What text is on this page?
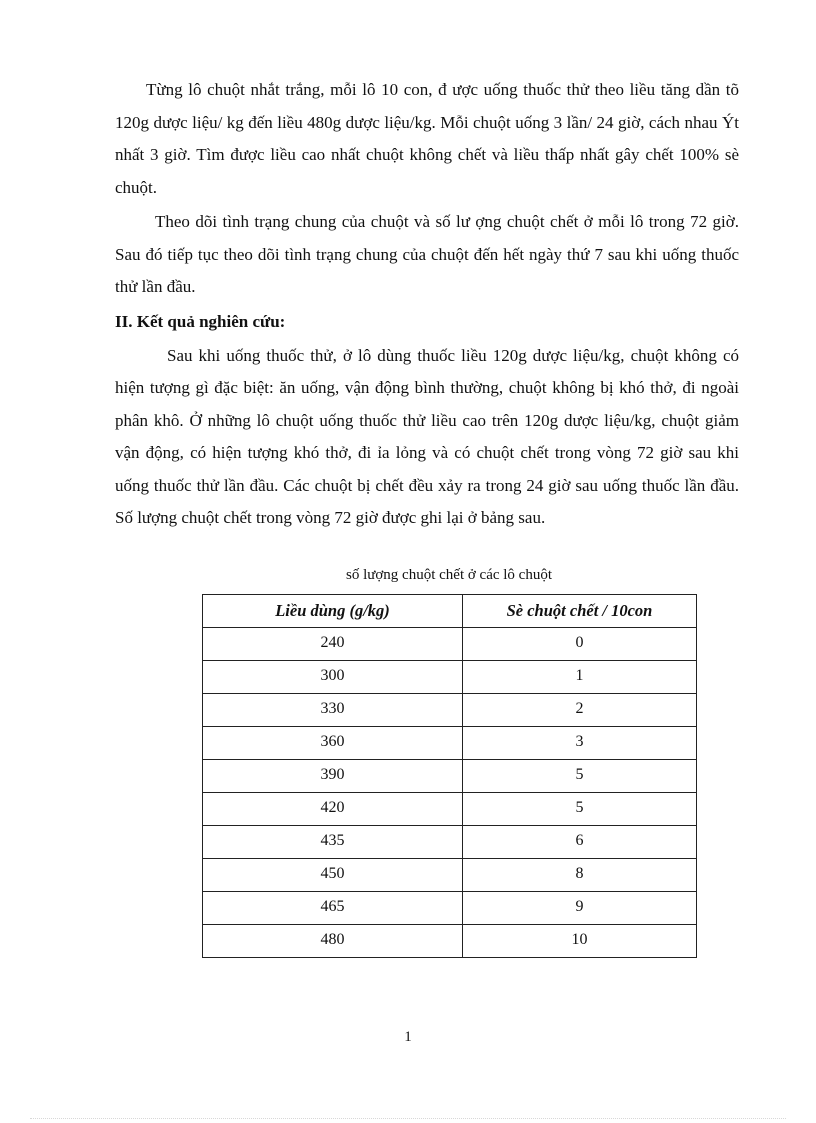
Từng lô chuột nhắt trắng, mỗi lô 10 con, đ ược uống thuốc thử theo liều tăng dần tõ 120g dược liệu/ kg đến liều 480g dược liệu/kg. Mỗi chuột uống 3 lần/ 24 giờ, cách nhau Ýt nhất 3 giờ. Tìm được liều cao nhất chuột không chết và liều thấp nhất gây chết 100% sè chuột.

Theo dõi tình trạng chung của chuột và số lư ợng chuột chết ở mỗi lô trong 72 giờ. Sau đó tiếp tục theo dõi tình trạng chung của chuột đến hết ngày thứ 7 sau khi uống thuốc thử lần đầu.

II. Kết quả nghiên cứu:

Sau khi uống thuốc thử, ở lô dùng thuốc liều 120g dược liệu/kg, chuột không có hiện tượng gì đặc biệt: ăn uống, vận động bình thường, chuột không bị khó thở, đi ngoài phân khô. Ở những lô chuột uống thuốc thử liều cao trên 120g dược liệu/kg, chuột giảm vận động, có hiện tượng khó thở, đi ỉa lỏng và có chuột chết trong vòng 72 giờ sau khi uống thuốc thử lần đầu. Các chuột bị chết đều xảy ra trong 24 giờ sau uống thuốc lần đầu. Số lượng chuột chết trong vòng 72 giờ được ghi lại ở bảng sau.

số lượng chuột chết ở các lô chuột
Liều dùng (g/kg)	Sè chuột chết / 10con
240	0
300	1
330	2
360	3
390	5
420	5
435	6
450	8
465	9
480	10
1
